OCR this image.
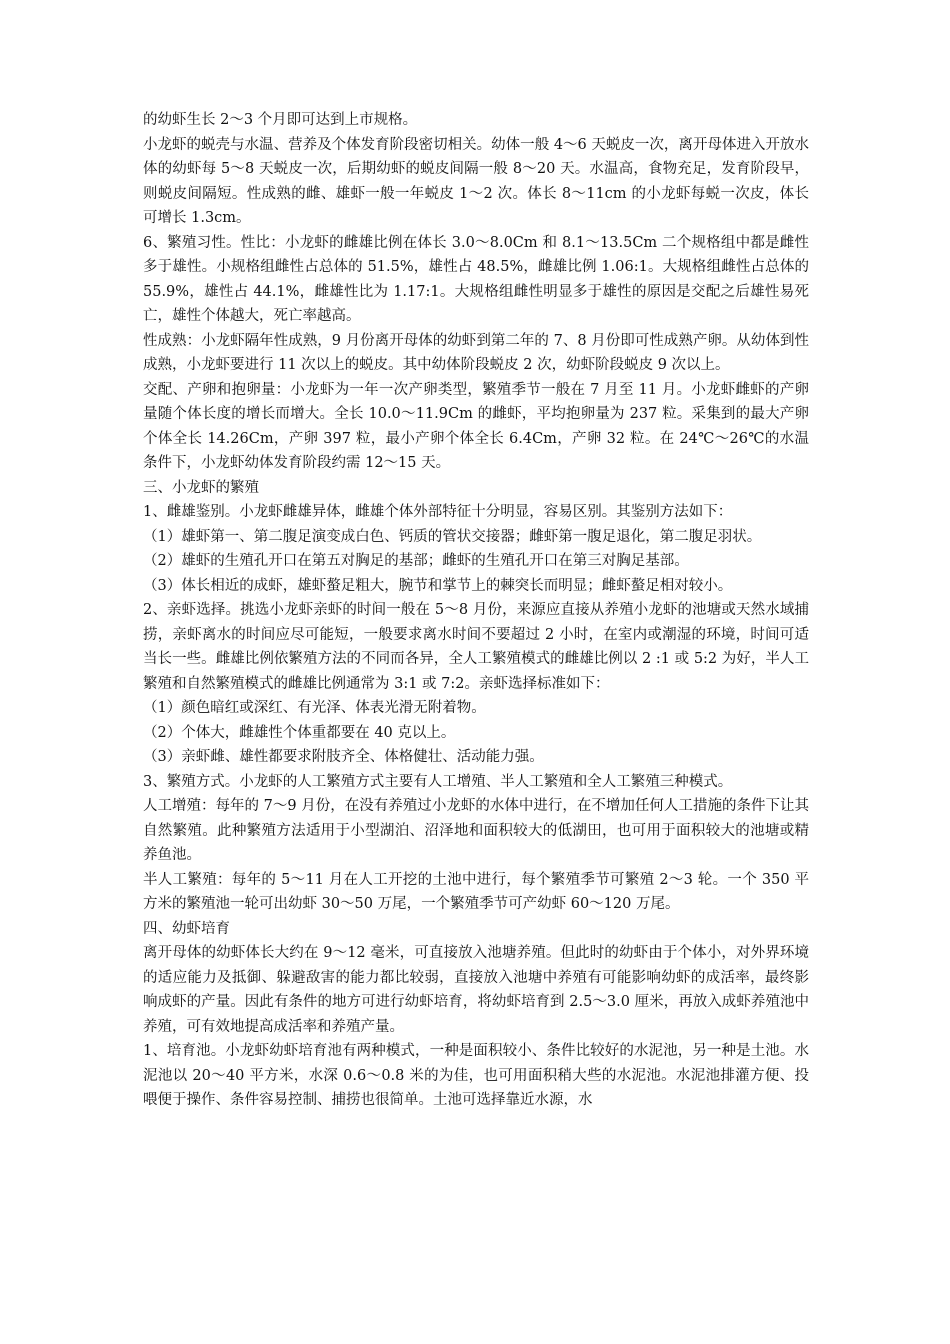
的幼虾生长 2～3 个月即可达到上市规格。

小龙虾的蜕壳与水温、营养及个体发育阶段密切相关。幼体一般 4～6 天蜕皮一次，离开母体进入开放水体的幼虾每 5～8 天蜕皮一次，后期幼虾的蜕皮间隔一般 8～20 天。水温高，食物充足，发育阶段早，则蜕皮间隔短。性成熟的雌、雄虾一般一年蜕皮 1～2 次。体长 8～11cm 的小龙虾每蜕一次皮，体长可增长 1.3cm。

6、繁殖习性。性比：小龙虾的雌雄比例在体长 3.0～8.0Cm 和 8.1～13.5Cm 二个规格组中都是雌性多于雄性。小规格组雌性占总体的 51.5%，雄性占 48.5%，雌雄比例 1.06:1。大规格组雌性占总体的 55.9%，雄性占 44.1%，雌雄性比为 1.17:1。大规格组雌性明显多于雄性的原因是交配之后雄性易死亡，雄性个体越大，死亡率越高。

性成熟：小龙虾隔年性成熟，9 月份离开母体的幼虾到第二年的 7、8 月份即可性成熟产卵。从幼体到性成熟，小龙虾要进行 11 次以上的蜕皮。其中幼体阶段蜕皮 2 次，幼虾阶段蜕皮 9 次以上。

交配、产卵和抱卵量：小龙虾为一年一次产卵类型，繁殖季节一般在 7 月至 11 月。小龙虾雌虾的产卵量随个体长度的增长而增大。全长 10.0～11.9Cm 的雌虾，平均抱卵量为 237 粒。采集到的最大产卵个体全长 14.26Cm，产卵 397 粒，最小产卵个体全长 6.4Cm，产卵 32 粒。在 24℃～26℃的水温条件下，小龙虾幼体发育阶段约需 12～15 天。

三、小龙虾的繁殖

1、雌雄鉴别。小龙虾雌雄异体，雌雄个体外部特征十分明显，容易区别。其鉴别方法如下：

（1）雄虾第一、第二腹足演变成白色、钙质的管状交接器；雌虾第一腹足退化，第二腹足羽状。

（2）雄虾的生殖孔开口在第五对胸足的基部；雌虾的生殖孔开口在第三对胸足基部。

（3）体长相近的成虾，雄虾螯足粗大，腕节和掌节上的棘突长而明显；雌虾螯足相对较小。

2、亲虾选择。挑选小龙虾亲虾的时间一般在 5～8 月份，来源应直接从养殖小龙虾的池塘或天然水域捕捞，亲虾离水的时间应尽可能短，一般要求离水时间不要超过 2 小时，在室内或潮湿的环境，时间可适当长一些。雌雄比例依繁殖方法的不同而各异，全人工繁殖模式的雌雄比例以 2 :1 或 5:2 为好，半人工繁殖和自然繁殖模式的雌雄比例通常为 3:1 或 7:2。亲虾选择标准如下：

（1）颜色暗红或深红、有光泽、体表光滑无附着物。

（2）个体大，雌雄性个体重都要在 40 克以上。

（3）亲虾雌、雄性都要求附肢齐全、体格健壮、活动能力强。

3、繁殖方式。小龙虾的人工繁殖方式主要有人工增殖、半人工繁殖和全人工繁殖三种模式。

人工增殖：每年的 7～9 月份，在没有养殖过小龙虾的水体中进行，在不增加任何人工措施的条件下让其自然繁殖。此种繁殖方法适用于小型湖泊、沼泽地和面积较大的低湖田，也可用于面积较大的池塘或精养鱼池。

半人工繁殖：每年的 5～11 月在人工开挖的土池中进行，每个繁殖季节可繁殖 2～3 轮。一个 350 平方米的繁殖池一轮可出幼虾 30～50 万尾，一个繁殖季节可产幼虾 60～120 万尾。

四、幼虾培育

离开母体的幼虾体长大约在 9～12 毫米，可直接放入池塘养殖。但此时的幼虾由于个体小，对外界环境的适应能力及抵御、躲避敌害的能力都比较弱，直接放入池塘中养殖有可能影响幼虾的成活率，最终影响成虾的产量。因此有条件的地方可进行幼虾培育，将幼虾培育到 2.5～3.0 厘米，再放入成虾养殖池中养殖，可有效地提高成活率和养殖产量。

1、培育池。小龙虾幼虾培育池有两种模式，一种是面积较小、条件比较好的水泥池，另一种是土池。水泥池以 20～40 平方米，水深 0.6～0.8 米的为佳，也可用面积稍大些的水泥池。水泥池排灌方便、投喂便于操作、条件容易控制、捕捞也很简单。土池可选择靠近水源，水
